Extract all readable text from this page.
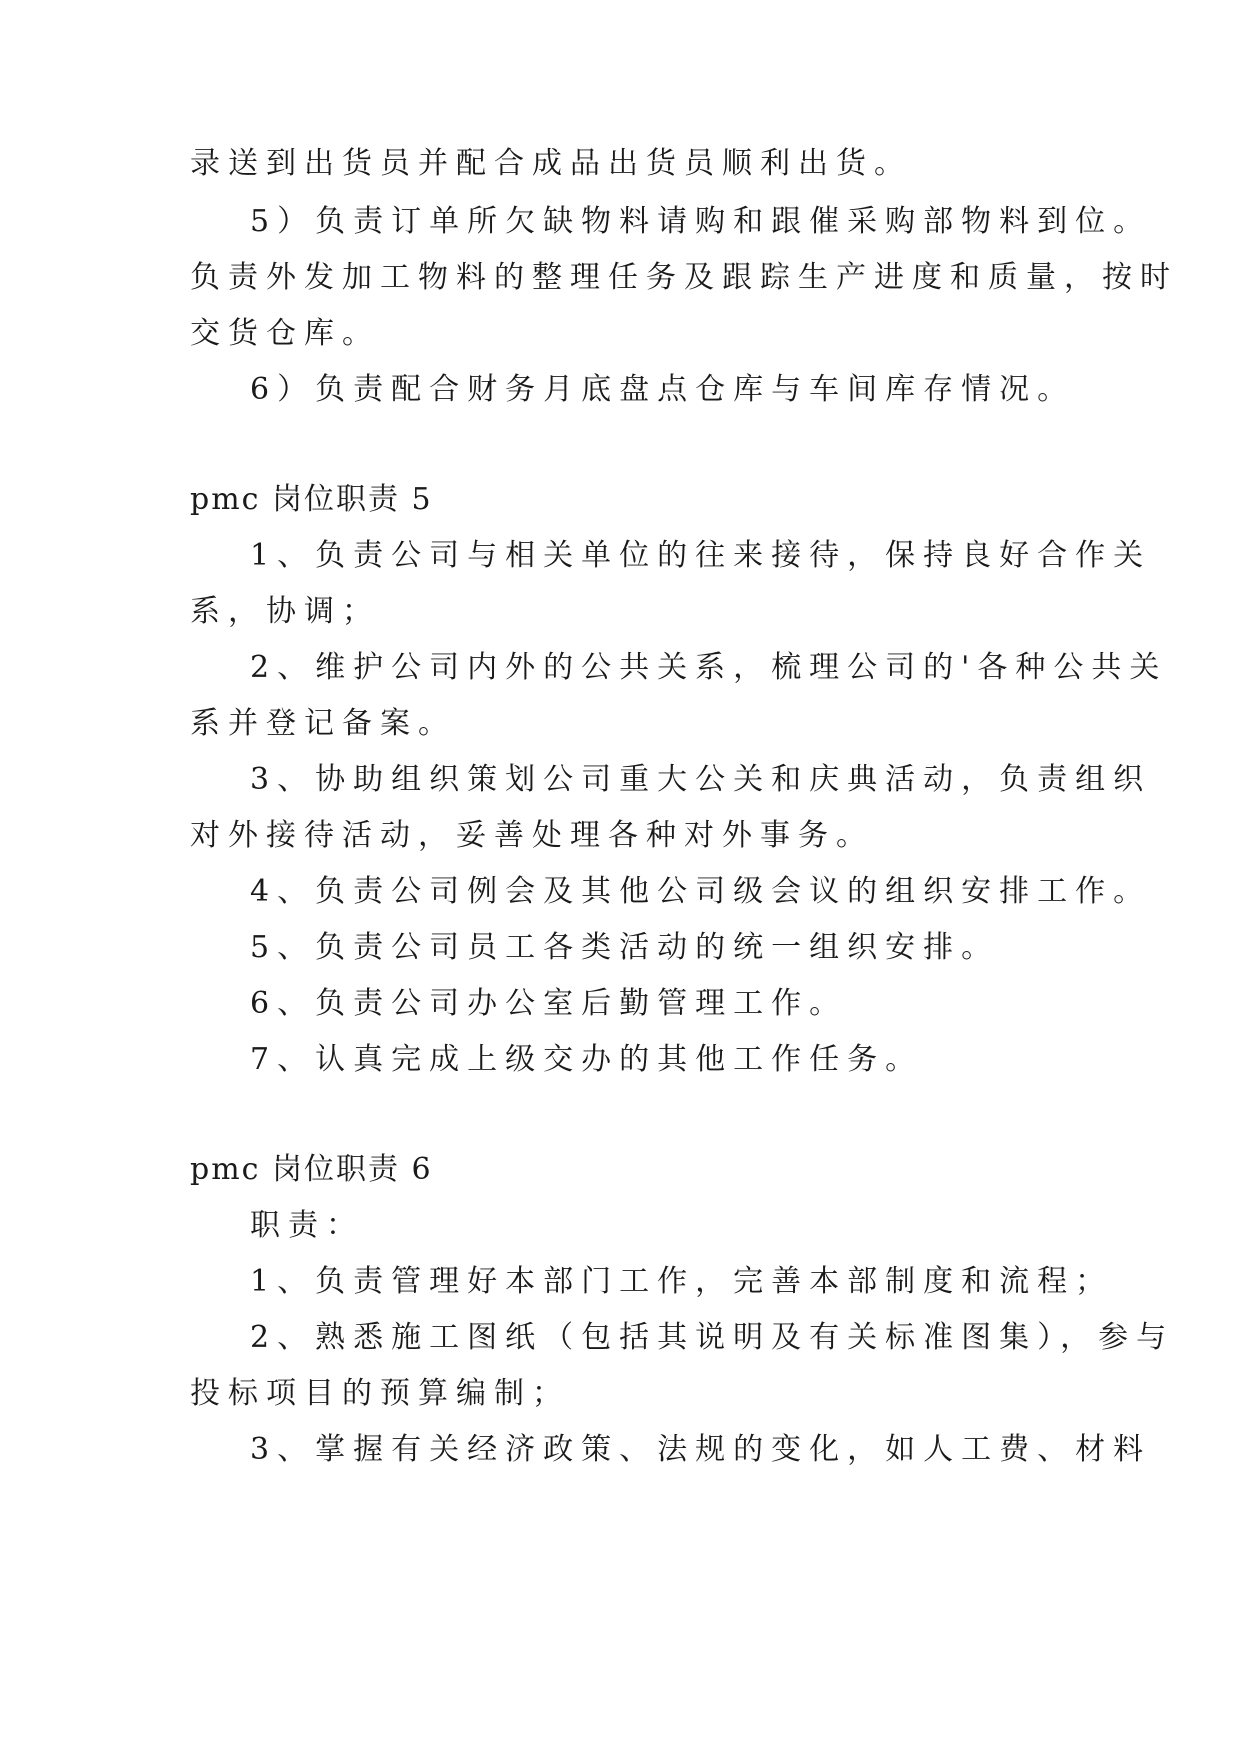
录送到出货员并配合成品出货员顺利出货。
5）负责订单所欠缺物料请购和跟催采购部物料到位。
负责外发加工物料的整理任务及跟踪生产进度和质量，按时
交货仓库。
6）负责配合财务月底盘点仓库与车间库存情况。
pmc 岗位职责 5
1、负责公司与相关单位的往来接待，保持良好合作关
系，协调；
2、维护公司内外的公共关系，梳理公司的'各种公共关
系并登记备案。
3、协助组织策划公司重大公关和庆典活动，负责组织
对外接待活动，妥善处理各种对外事务。
4、负责公司例会及其他公司级会议的组织安排工作。
5、负责公司员工各类活动的统一组织安排。
6、负责公司办公室后勤管理工作。
7、认真完成上级交办的其他工作任务。
pmc 岗位职责 6
职责：
1、负责管理好本部门工作，完善本部制度和流程；
2、熟悉施工图纸（包括其说明及有关标准图集），参与
投标项目的预算编制；
3、掌握有关经济政策、法规的变化，如人工费、材料
